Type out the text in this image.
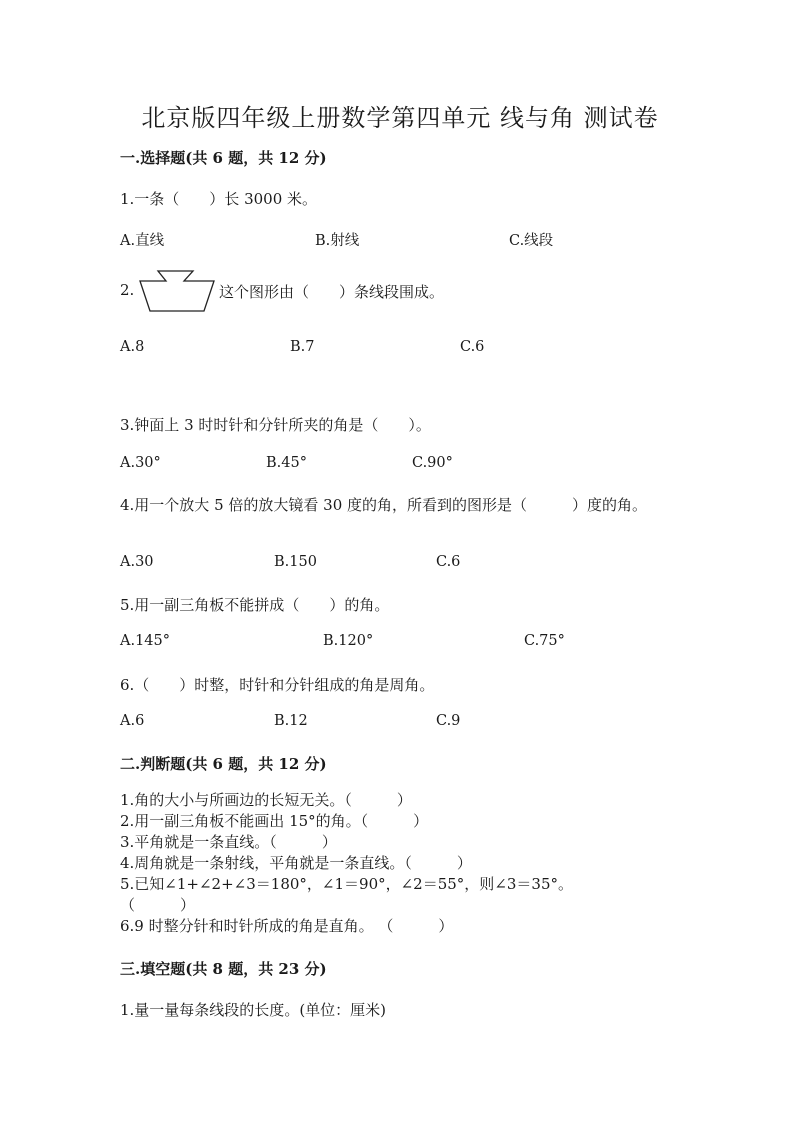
北京版四年级上册数学第四单元 线与角 测试卷
一.选择题(共 6 题，共 12 分)
1.一条（　　）长 3000 米。
A.直线	B.射线	C.线段
2.	这个图形由（　　）条线段围成。
A.8	B.7	C.6
3.钟面上 3 时时针和分针所夹的角是（　　）。
A.30°	B.45°	C.90°
4.用一个放大 5 倍的放大镜看 30 度的角，所看到的图形是（　　　）度的角。
A.30	B.150	C.6
5.用一副三角板不能拼成（　　）的角。
A.145°	B.120°	C.75°
6.（　　）时整，时针和分针组成的角是周角。
A.6	B.12	C.9
二.判断题(共 6 题，共 12 分)
1.角的大小与所画边的长短无关。（　　　）
2.用一副三角板不能画出 15°的角。（　　　）
3.平角就是一条直线。（　　　）
4.周角就是一条射线，平角就是一条直线。（　　　）
5.已知∠1+∠2+∠3＝180°，∠1＝90°，∠2＝55°，则∠3＝35°。
（　　　）
6.9 时整分针和时针所成的角是直角。 （　　　）
三.填空题(共 8 题，共 23 分)
1.量一量每条线段的长度。(单位：厘米)
